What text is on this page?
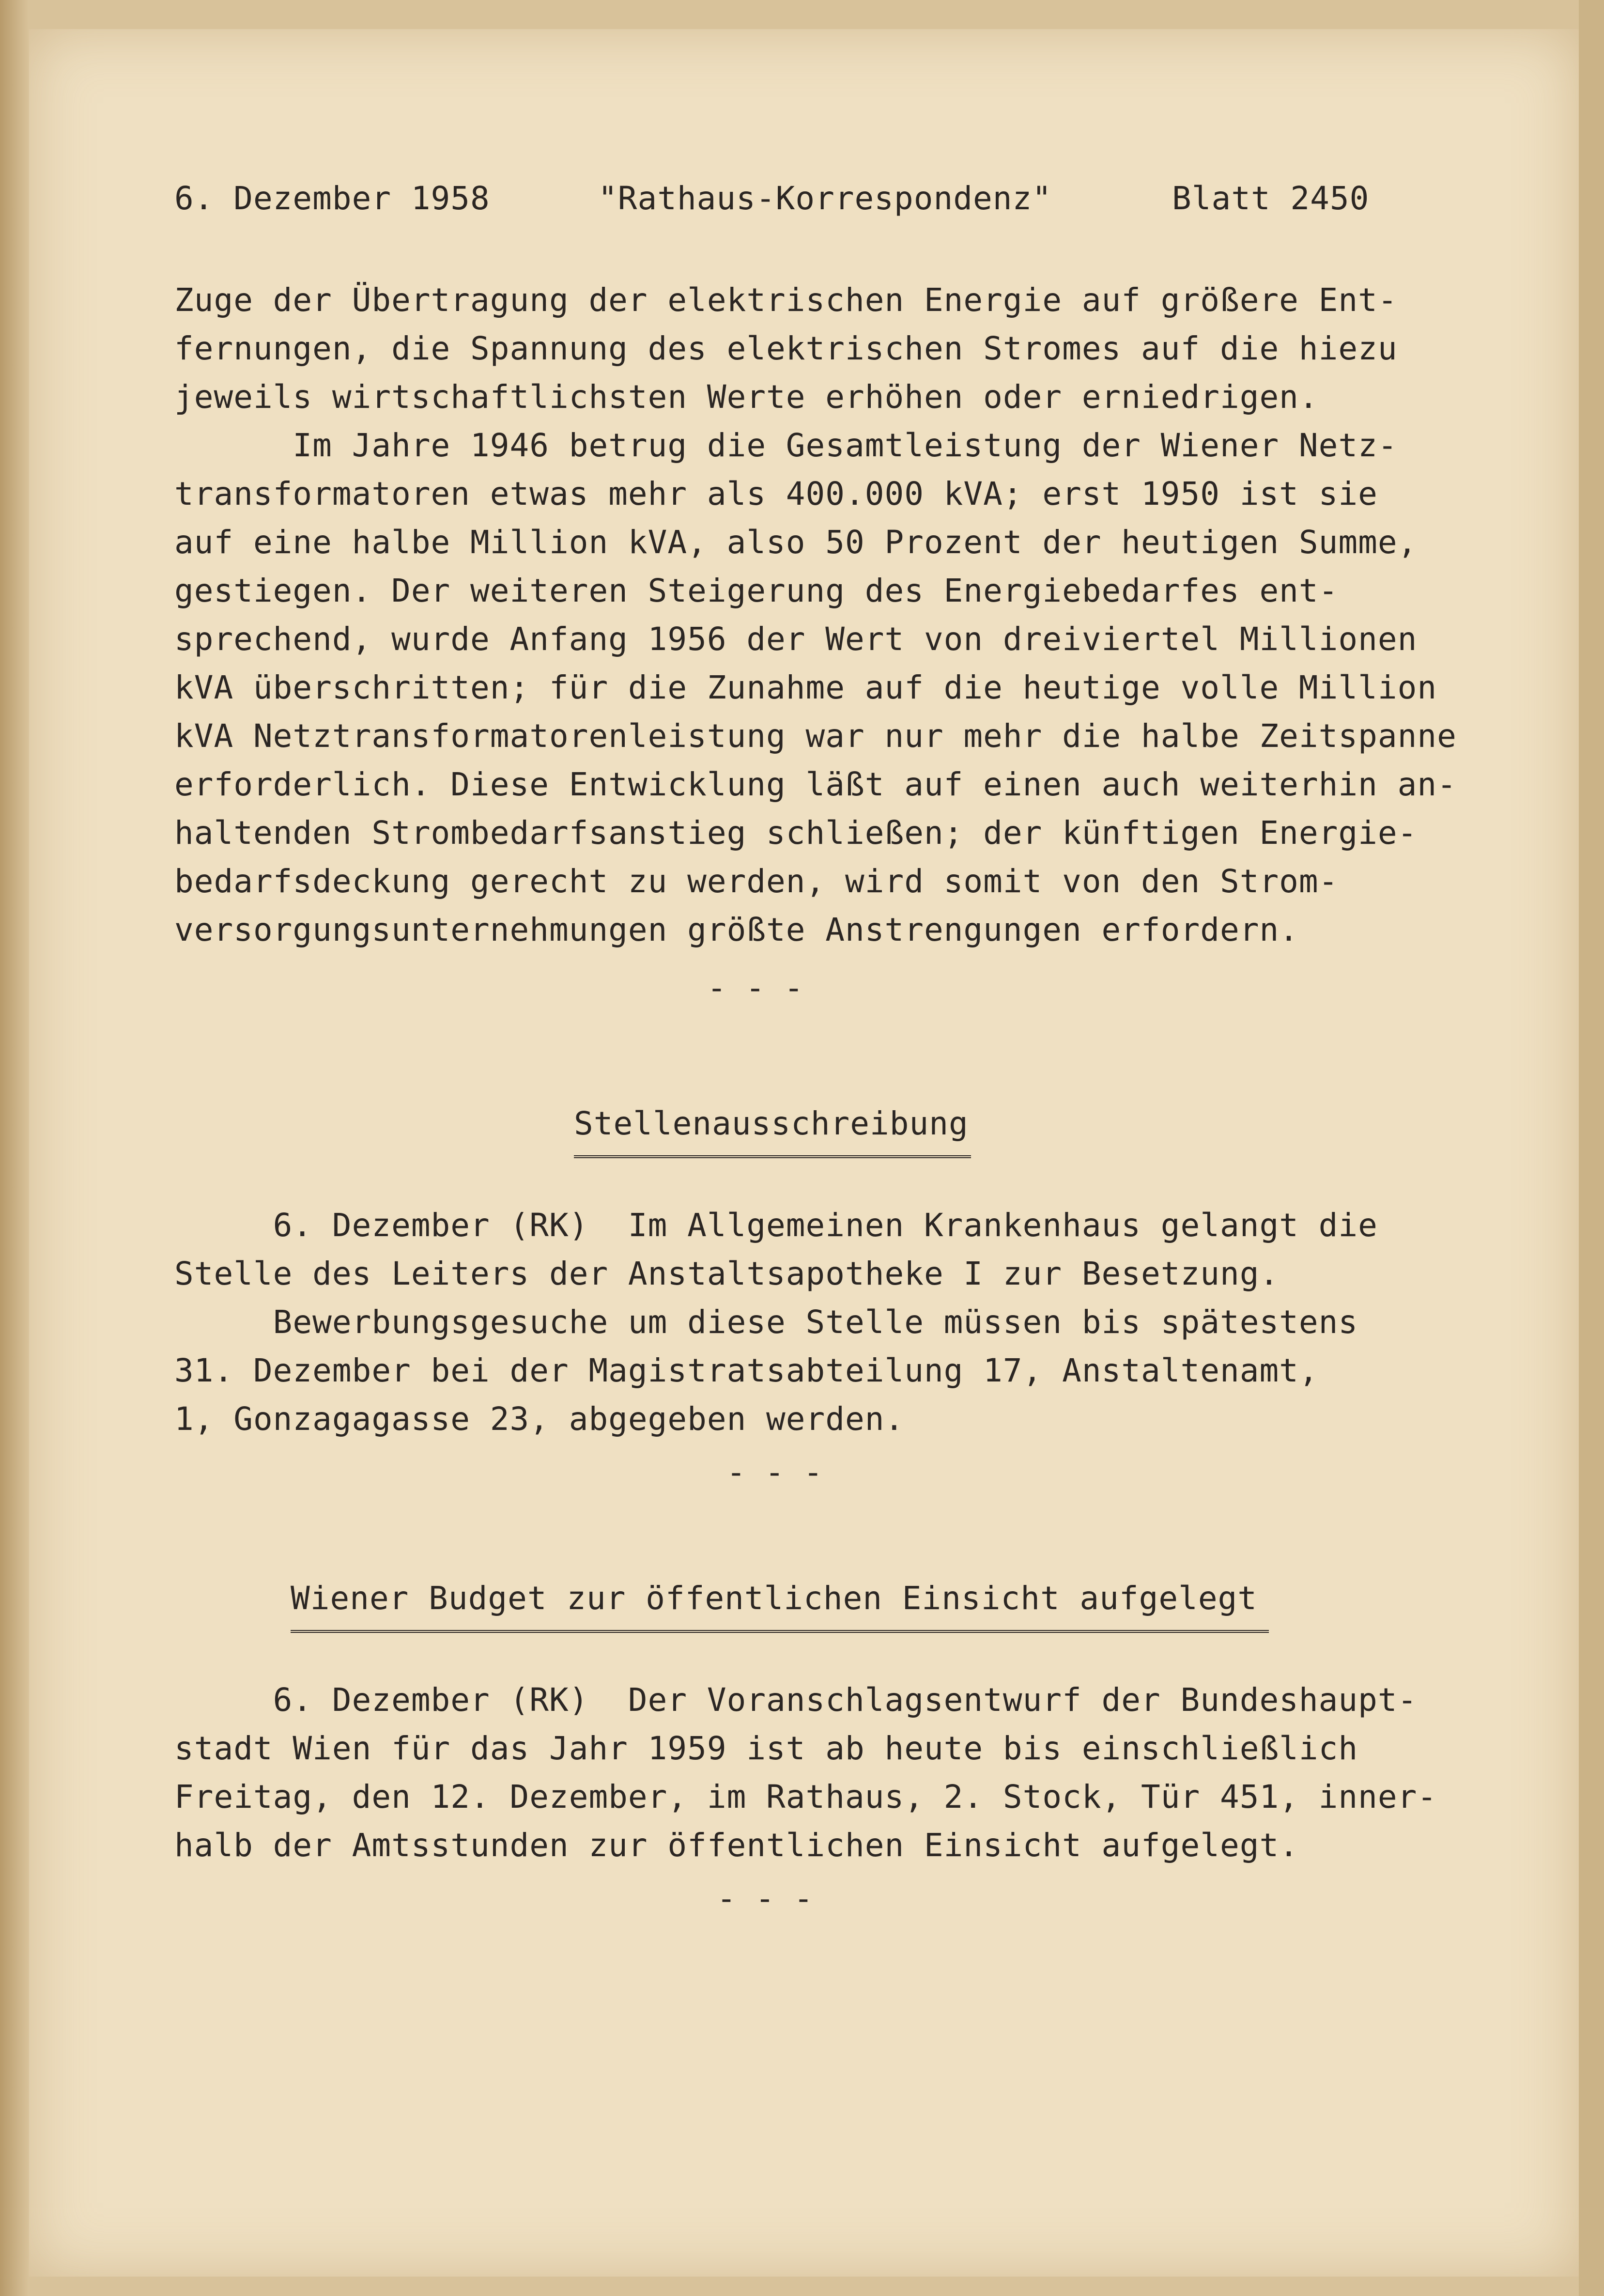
6. Dezember 1958	"Rathaus-Korrespondenz"	Blatt 2450
Zuge der Übertragung der elektrischen Energie auf größere Ent-
fernungen, die Spannung des elektrischen Stromes auf die hiezu
jeweils wirtschaftlichsten Werte erhöhen oder erniedrigen.
Im Jahre 1946 betrug die Gesamtleistung der Wiener Netz-
transformatoren etwas mehr als 400.000 kVA; erst 1950 ist sie
auf eine halbe Million kVA, also 50 Prozent der heutigen Summe,
gestiegen. Der weiteren Steigerung des Energiebedarfes ent-
sprechend, wurde Anfang 1956 der Wert von dreiviertel Millionen
kVA überschritten; für die Zunahme auf die heutige volle Million
kVA Netztransformatorenleistung war nur mehr die halbe Zeitspanne
erforderlich. Diese Entwicklung läßt auf einen auch weiterhin an-
haltenden Strombedarfsanstieg schließen; der künftigen Energie-
bedarfsdeckung gerecht zu werden, wird somit von den Strom-
versorgungsunternehmungen größte Anstrengungen erfordern.
- - -
Stellenausschreibung
6. Dezember (RK)  Im Allgemeinen Krankenhaus gelangt die
Stelle des Leiters der Anstaltsapotheke I zur Besetzung.
Bewerbungsgesuche um diese Stelle müssen bis spätestens
31. Dezember bei der Magistratsabteilung 17, Anstaltenamt,
1, Gonzagagasse 23, abgegeben werden.
- - -
Wiener Budget zur öffentlichen Einsicht aufgelegt
6. Dezember (RK)  Der Voranschlagsentwurf der Bundeshaupt-
stadt Wien für das Jahr 1959 ist ab heute bis einschließlich
Freitag, den 12. Dezember, im Rathaus, 2. Stock, Tür 451, inner-
halb der Amtsstunden zur öffentlichen Einsicht aufgelegt.
- - -
